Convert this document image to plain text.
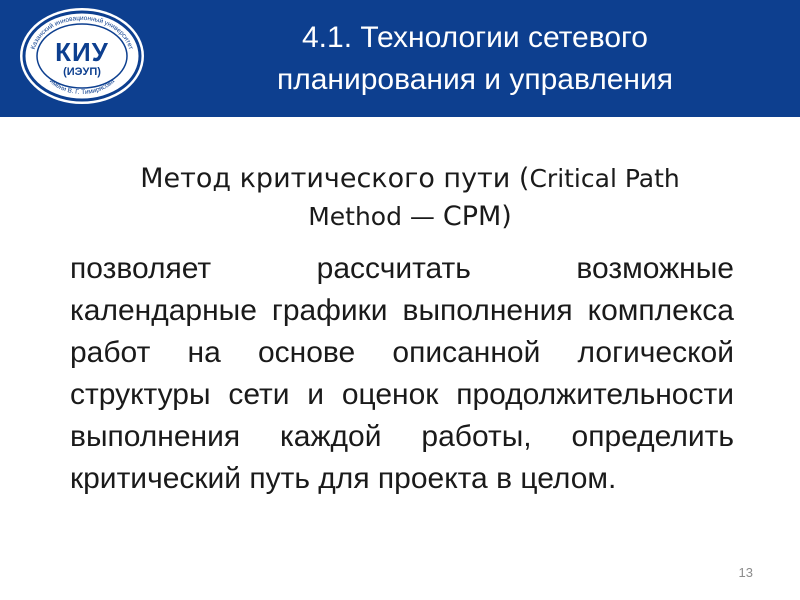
Казанский инновационный университет
имени В. Г. Тимирясова
КИУ
(ИЭУП)
4.1. Технологии сетевого
планирования и управления
Метод критического пути (Critical Path
Method — CPM)

позволяет рассчитать возможные календарные графики выполнения комплекса работ на основе описанной логической структуры сети и оценок продолжительности выполнения каждой работы, определить критический путь для проекта в целом.

13
